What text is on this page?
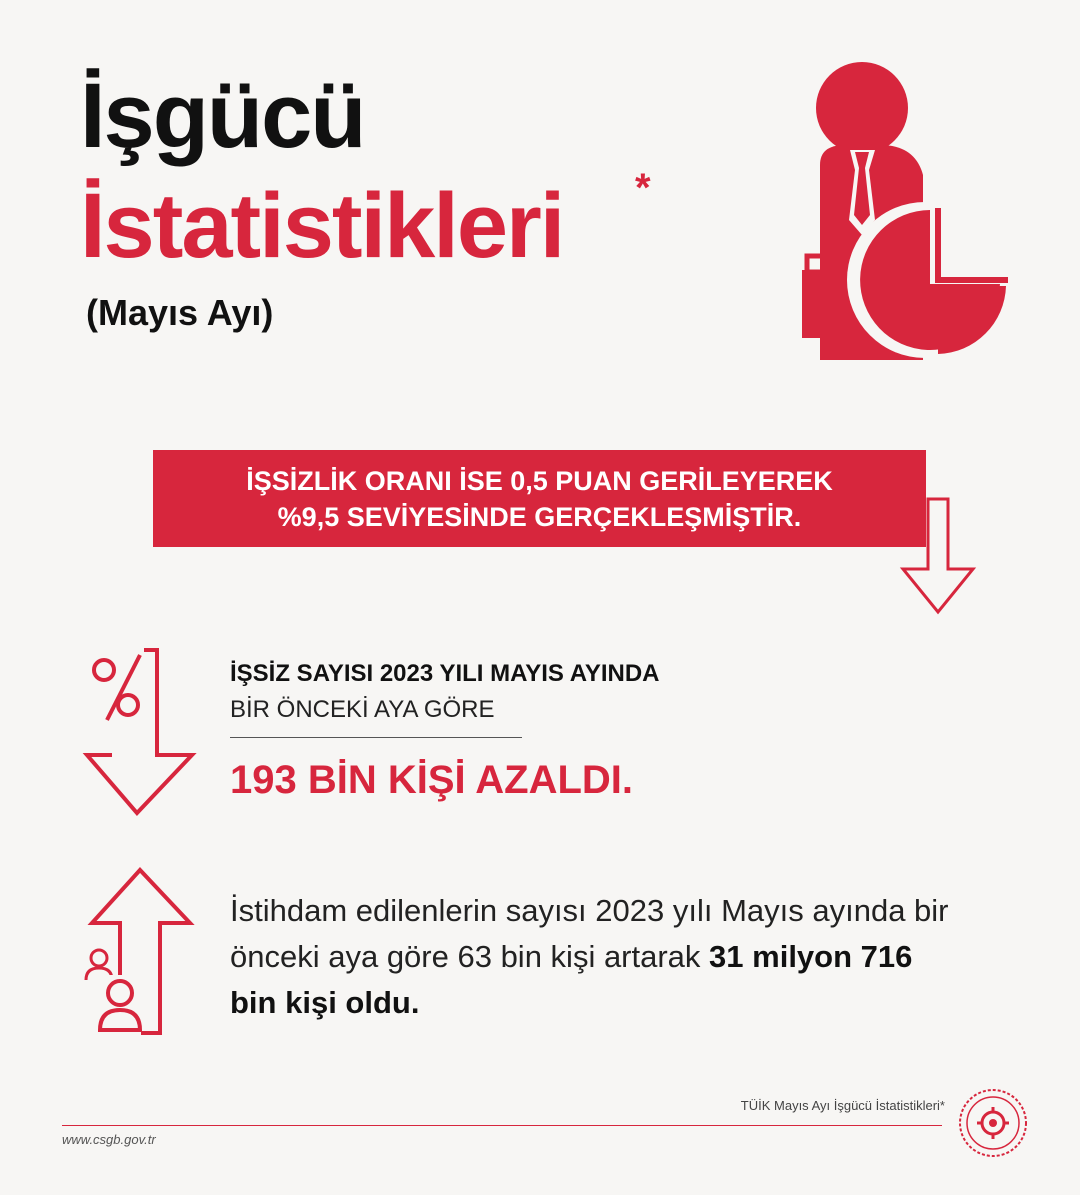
İşgücü
İstatistikleri *
(Mayıs Ayı)
İŞSİZLİK ORANI İSE 0,5 PUAN GERİLEYEREK
%9,5 SEVİYESİNDE GERÇEKLEŞMİŞTİR.
İŞSİZ SAYISI 2023 YILI MAYIS AYINDA
BİR ÖNCEKİ AYA GÖRE
193 BİN KİŞİ AZALDI.
İstihdam edilenlerin sayısı 2023 yılı Mayıs ayında bir önceki aya göre 63 bin kişi artarak 31 milyon 716 bin kişi oldu.
TÜİK Mayıs Ayı İşgücü İstatistikleri*
www.csgb.gov.tr
